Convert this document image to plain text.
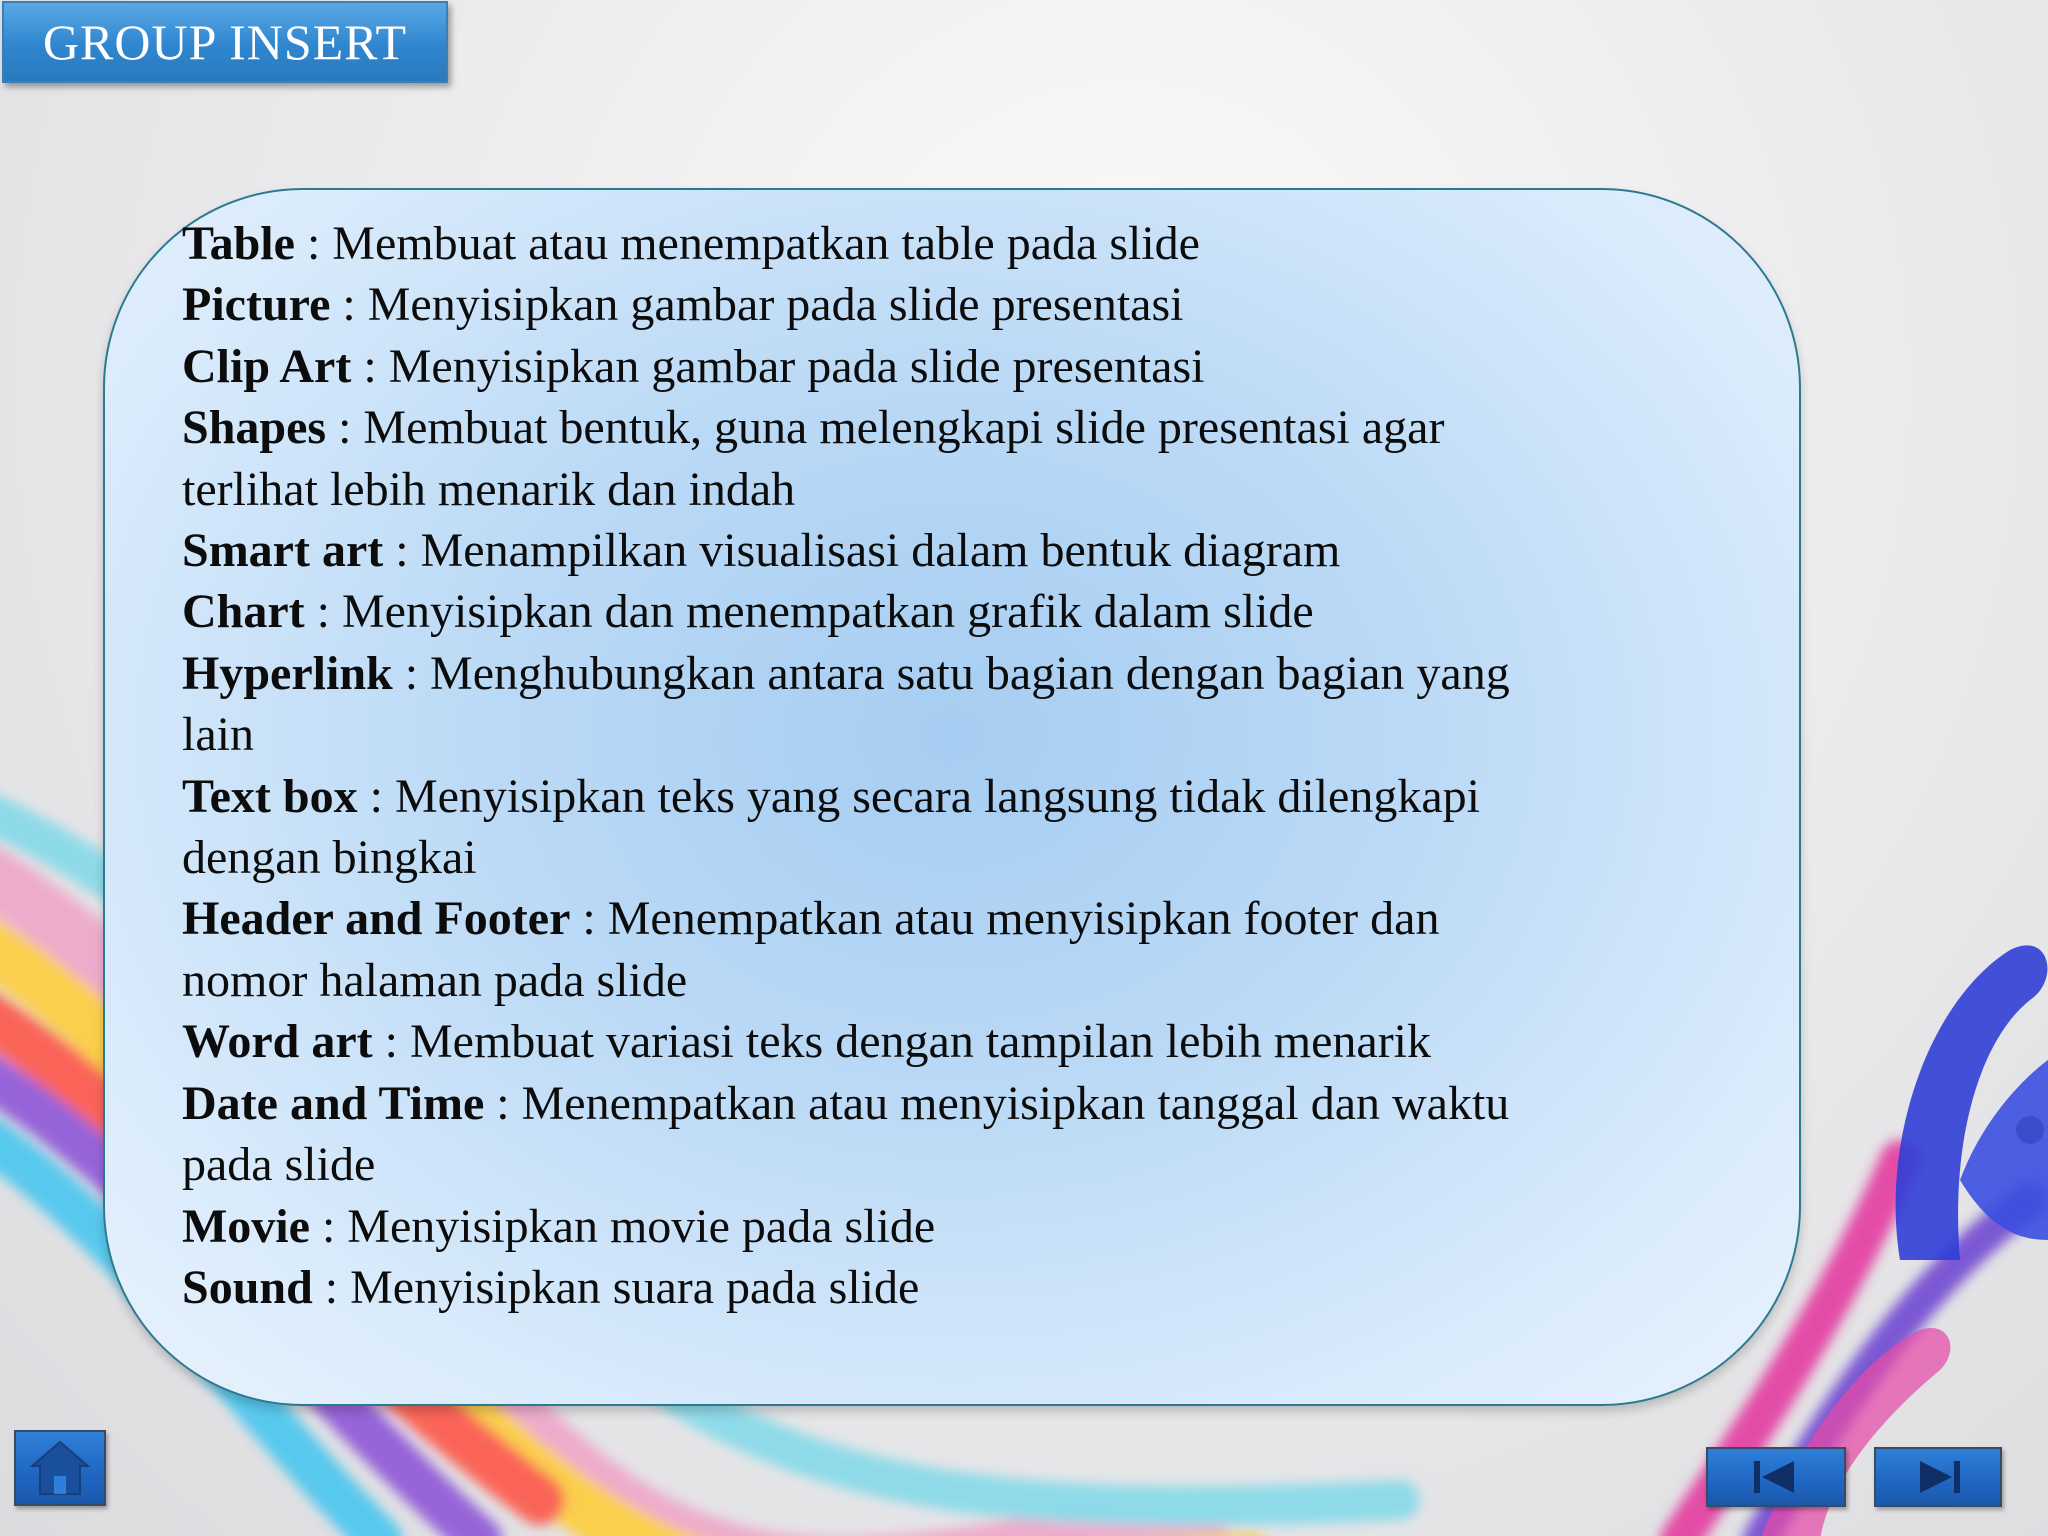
GROUP INSERT
Table : Membuat atau menempatkan table pada slide
Picture : Menyisipkan gambar pada slide presentasi
Clip Art : Menyisipkan gambar pada slide presentasi
Shapes : Membuat bentuk, guna melengkapi slide presentasi agar
terlihat lebih menarik dan indah
Smart art : Menampilkan visualisasi dalam bentuk diagram
Chart : Menyisipkan dan menempatkan grafik dalam slide
Hyperlink : Menghubungkan antara satu bagian dengan bagian yang
lain
Text box : Menyisipkan teks yang secara langsung tidak dilengkapi
dengan bingkai
Header and Footer : Menempatkan atau menyisipkan footer dan
nomor halaman pada slide
Word art : Membuat variasi teks dengan tampilan lebih menarik
Date and Time : Menempatkan atau menyisipkan tanggal dan waktu
pada slide
Movie : Menyisipkan movie pada slide
Sound : Menyisipkan suara pada slide
